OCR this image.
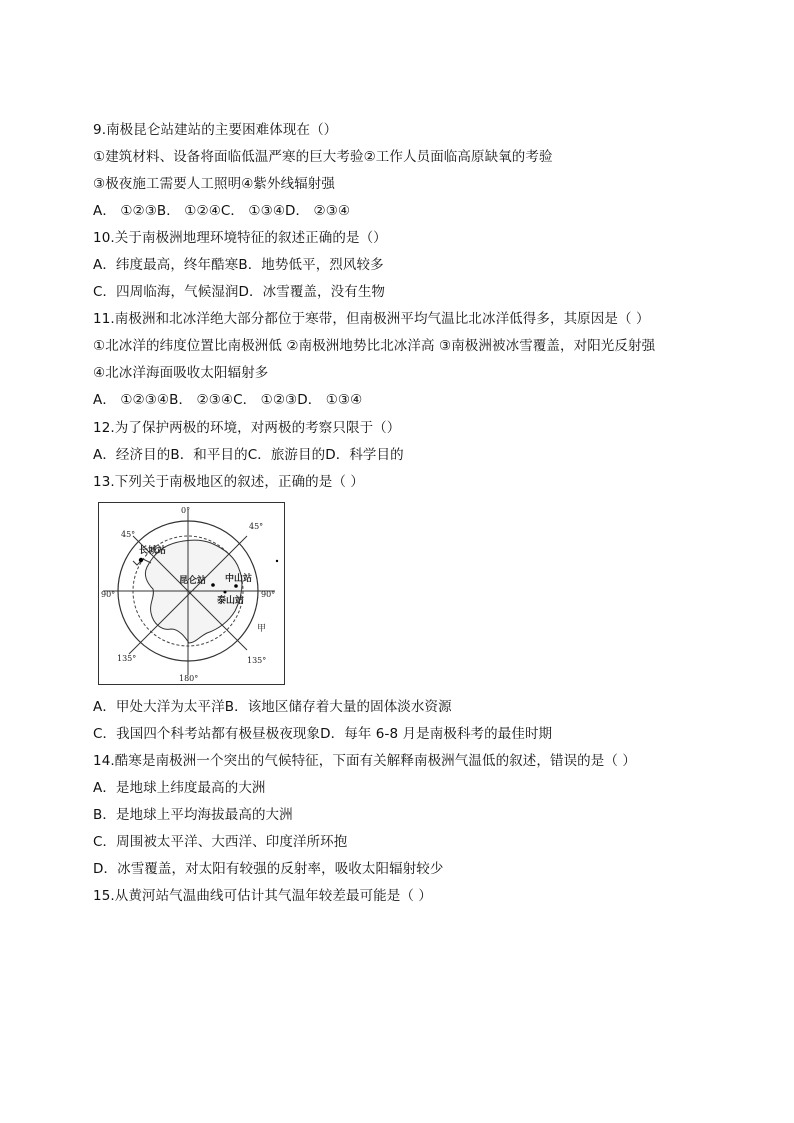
9.南极昆仑站建站的主要困难体现在（）
①建筑材料、设备将面临低温严寒的巨大考验②工作人员面临高原缺氧的考验
③极夜施工需要人工照明④紫外线辐射强
A． ①②③B． ①②④C． ①③④D． ②③④
10.关于南极洲地理环境特征的叙述正确的是（）
A．纬度最高，终年酷寒B．地势低平，烈风较多
C．四周临海，气候湿润D．冰雪覆盖，没有生物
11.南极洲和北冰洋绝大部分都位于寒带，但南极洲平均气温比北冰洋低得多，其原因是（ ）
①北冰洋的纬度位置比南极洲低 ②南极洲地势比北冰洋高 ③南极洲被冰雪覆盖，对阳光反射强
④北冰洋海面吸收太阳辐射多
A． ①②③④B． ②③④C． ①②③D． ①③④
12.为了保护两极的环境，对两极的考察只限于（）
A．经济目的B．和平目的C．旅游目的D．科学目的
13.下列关于南极地区的叙述，正确的是（ ）
0°
45°
45°
90°	90°
135°	135°
180°
长城站
昆仑站 中山站
泰山站
甲
A．甲处大洋为太平洋B．该地区储存着大量的固体淡水资源
C．我国四个科考站都有极昼极夜现象D．每年 6-8 月是南极科考的最佳时期
14.酷寒是南极洲一个突出的气候特征，下面有关解释南极洲气温低的叙述，错误的是（ ）
A．是地球上纬度最高的大洲
B．是地球上平均海拔最高的大洲
C．周围被太平洋、大西洋、印度洋所环抱
D．冰雪覆盖，对太阳有较强的反射率，吸收太阳辐射较少
15.从黄河站气温曲线可估计其气温年较差最可能是（ ）
